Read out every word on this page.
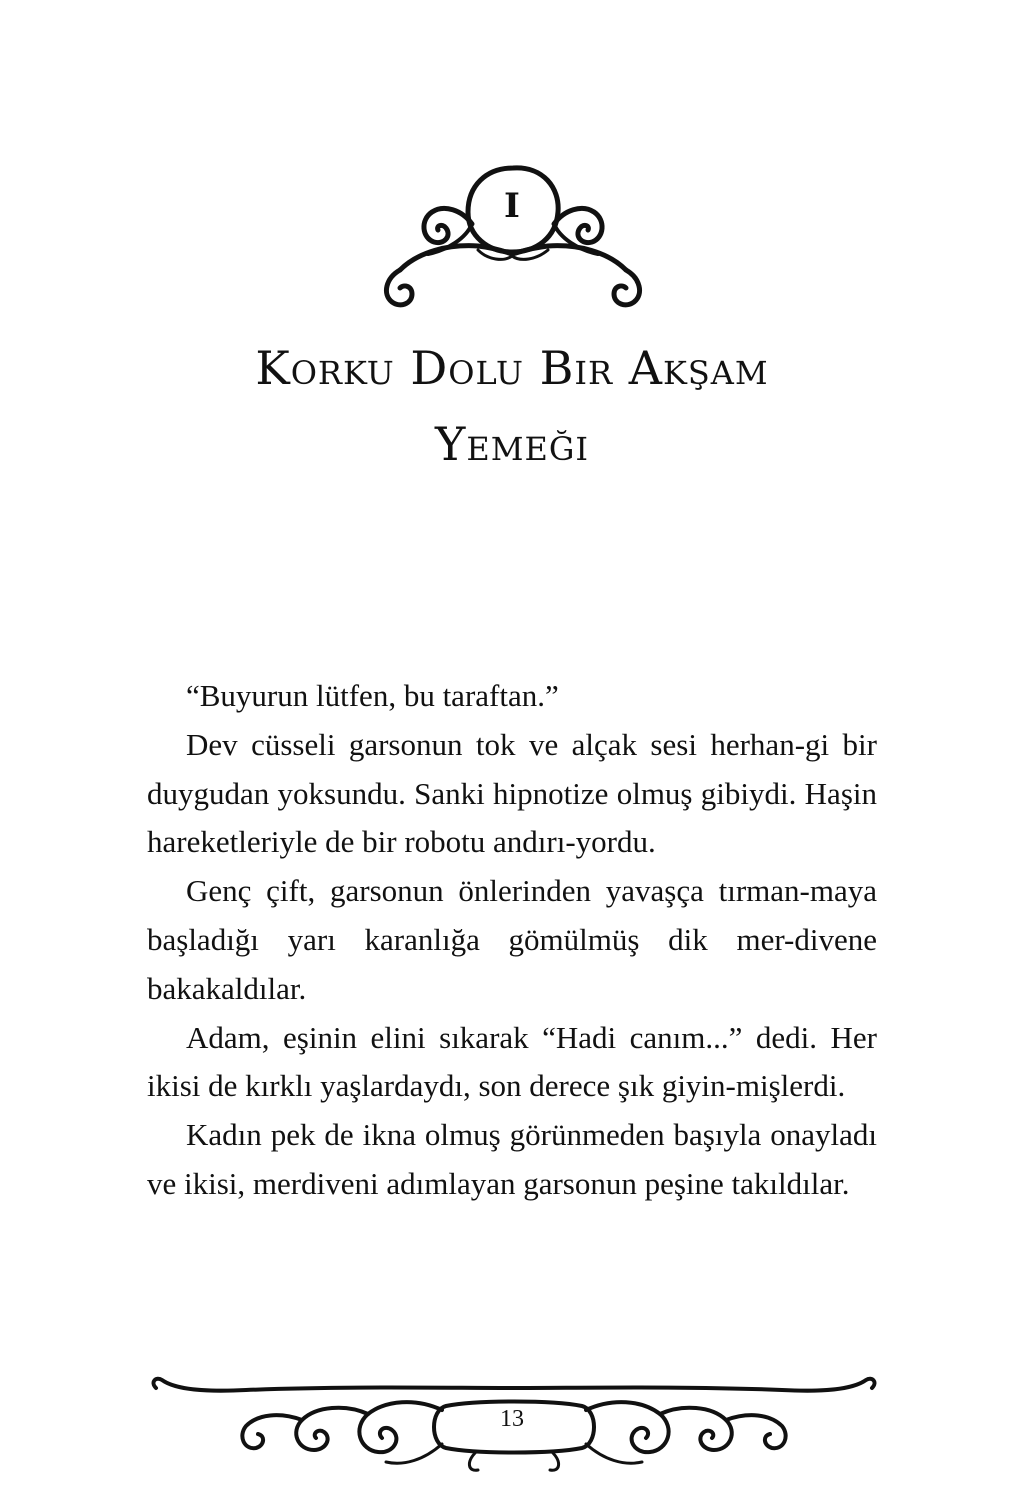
I
Korku Dolu Bir Akşam
Yemeği

“Buyurun lütfen, bu taraftan.”

Dev cüsseli garsonun tok ve alçak sesi herhan-gi bir duygudan yoksundu. Sanki hipnotize olmuş gibiydi. Haşin hareketleriyle de bir robotu andırı-yordu.

Genç çift, garsonun önlerinden yavaşça tırman-maya başladığı yarı karanlığa gömülmüş dik mer-divene bakakaldılar.

Adam, eşinin elini sıkarak “Hadi canım...” dedi. Her ikisi de kırklı yaşlardaydı, son derece şık giyin-mişlerdi.

Kadın pek de ikna olmuş görünmeden başıyla onayladı ve ikisi, merdiveni adımlayan garsonun peşine takıldılar.

13
